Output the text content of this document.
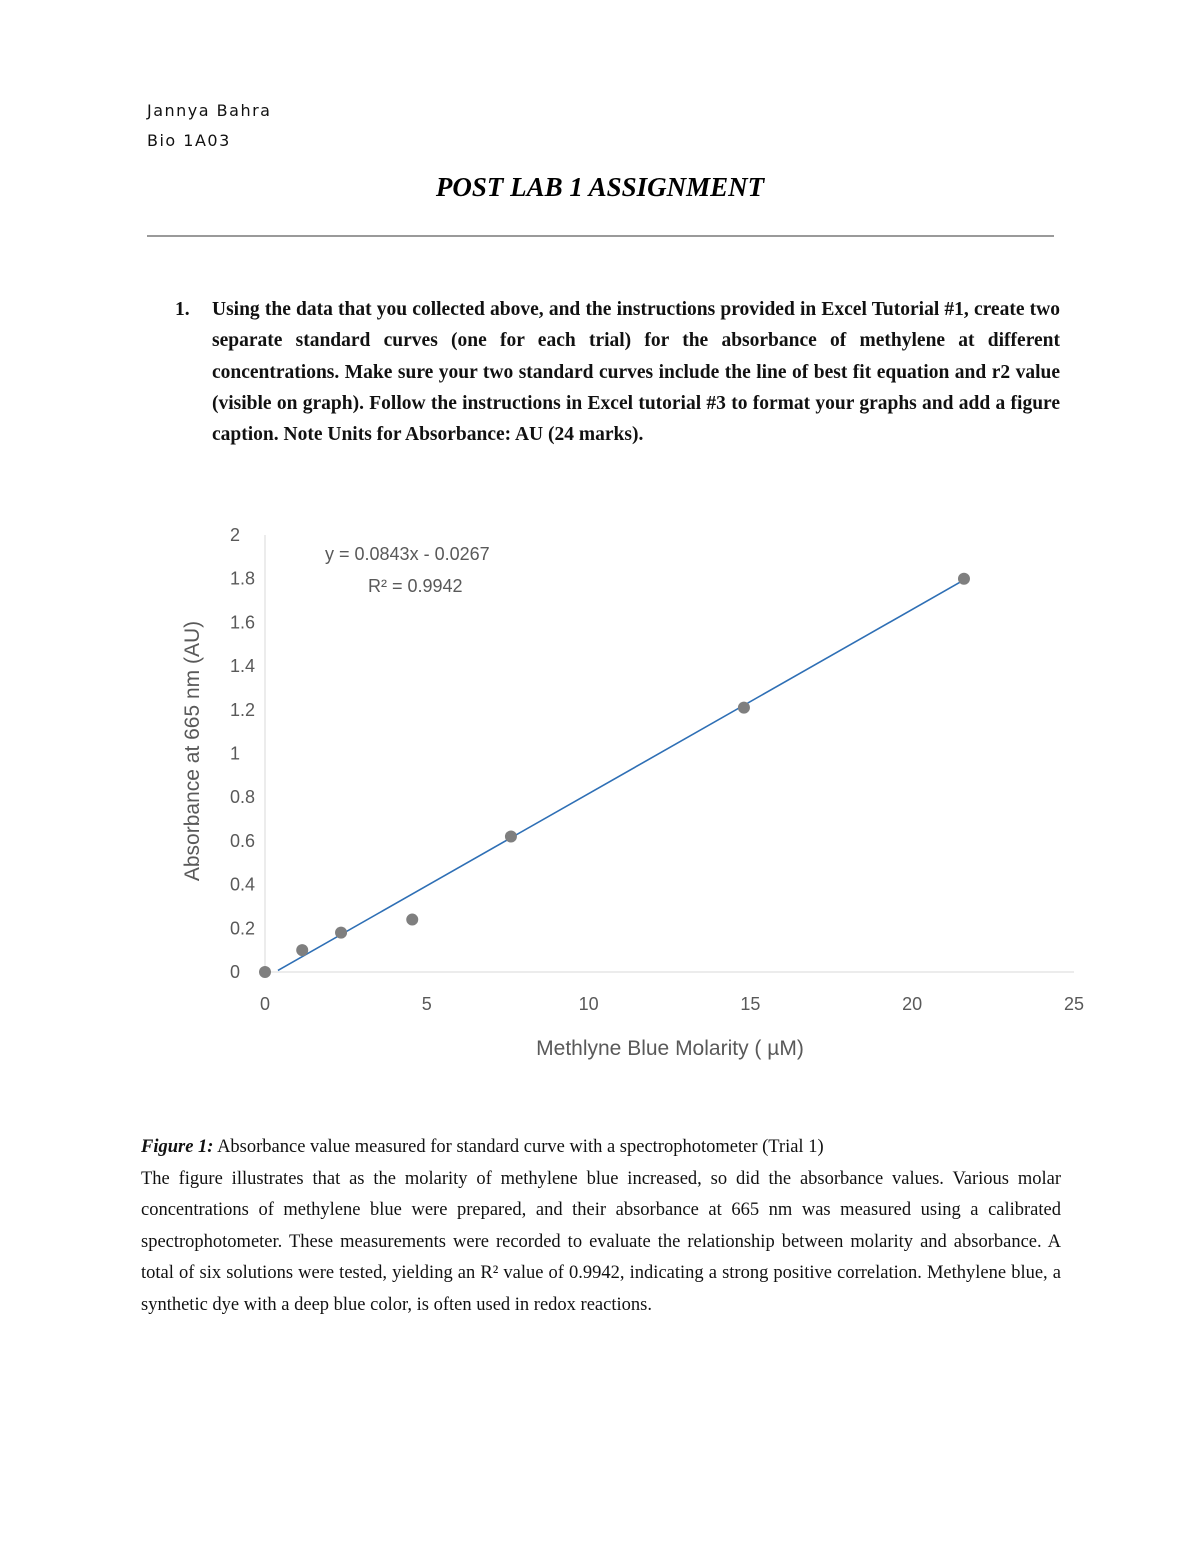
Jannya Bahra
Bio 1A03
POST LAB 1 ASSIGNMENT
1.	Using the data that you collected above, and the instructions provided in Excel Tutorial #1, create two separate standard curves (one for each trial) for the absorbance of methylene at different concentrations. Make sure your two standard curves include the line of best fit equation and r2 value (visible on graph). Follow the instructions in Excel tutorial #3 to format your graphs and add a figure caption. Note Units for Absorbance: AU (24 marks).
0
0.2
0.4
0.6
0.8
1
1.2
1.4
1.6
1.8
2
0	5	10	15	20	25
y = 0.0843x - 0.0267
R² = 0.9942
Absorbance at 665 nm (AU)
Methlyne Blue Molarity ( µM)

Figure 1: Absorbance value measured for standard curve with a spectrophotometer (Trial 1)

The figure illustrates that as the molarity of methylene blue increased, so did the absorbance values. Various molar concentrations of methylene blue were prepared, and their absorbance at 665 nm was measured using a calibrated spectrophotometer. These measurements were recorded to evaluate the relationship between molarity and absorbance. A total of six solutions were tested, yielding an R² value of 0.9942, indicating a strong positive correlation. Methylene blue, a synthetic dye with a deep blue color, is often used in redox reactions.
